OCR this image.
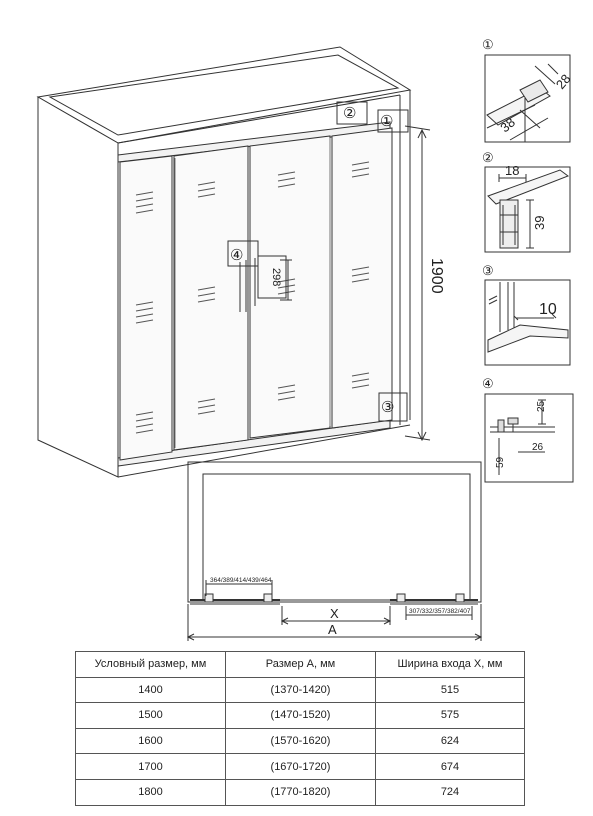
①
②
③
④
1900
298
①
28
38
②
18
39
③
10
④
25
26
59
364/389/414/439/464
307/332/357/382/407
X
A
Условный размер, мм	Размер А, мм	Ширина входа Х, мм
1400	(1370-1420)	515
1500	(1470-1520)	575
1600	(1570-1620)	624
1700	(1670-1720)	674
1800	(1770-1820)	724
